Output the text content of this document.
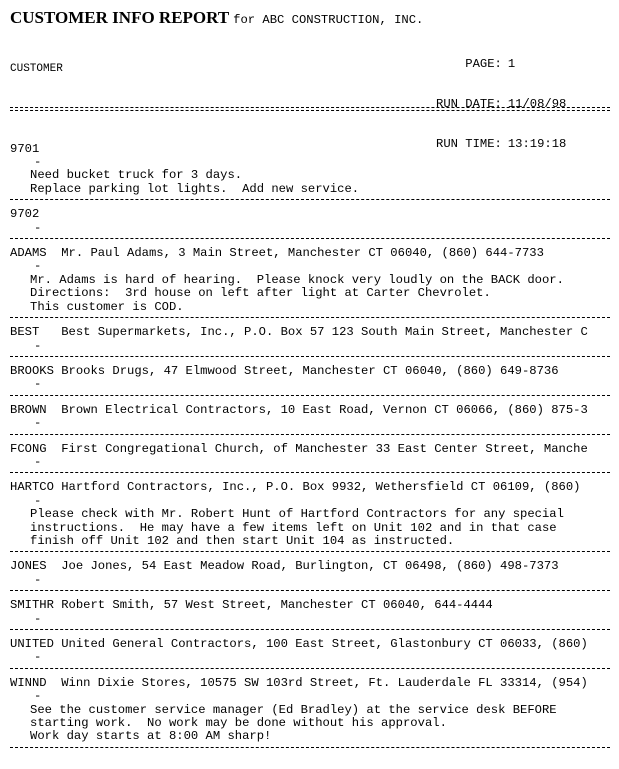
CUSTOMER INFO REPORT for ABC CONSTRUCTION, INC.

PAGE: 1

RUN DATE: 11/08/98

RUN TIME: 13:19:18

CUSTOMER

9701
-
Need bucket truck for 3 days.
Replace parking lot lights.  Add new service.
9702
-
ADAMS  Mr. Paul Adams, 3 Main Street, Manchester CT 06040, (860) 644-7733
-
Mr. Adams is hard of hearing.  Please knock very loudly on the BACK door.
Directions:  3rd house on left after light at Carter Chevrolet.
This customer is COD.
BEST   Best Supermarkets, Inc., P.O. Box 57 123 South Main Street, Manchester C
-
BROOKS Brooks Drugs, 47 Elmwood Street, Manchester CT 06040, (860) 649-8736
-
BROWN  Brown Electrical Contractors, 10 East Road, Vernon CT 06066, (860) 875-3
-
FCONG  First Congregational Church, of Manchester 33 East Center Street, Manche
-
HARTCO Hartford Contractors, Inc., P.O. Box 9932, Wethersfield CT 06109, (860)
-
Please check with Mr. Robert Hunt of Hartford Contractors for any special
instructions.  He may have a few items left on Unit 102 and in that case
finish off Unit 102 and then start Unit 104 as instructed.
JONES  Joe Jones, 54 East Meadow Road, Burlington, CT 06498, (860) 498-7373
-
SMITHR Robert Smith, 57 West Street, Manchester CT 06040, 644-4444
-
UNITED United General Contractors, 100 East Street, Glastonbury CT 06033, (860)
-
WINND  Winn Dixie Stores, 10575 SW 103rd Street, Ft. Lauderdale FL 33314, (954)
-
See the customer service manager (Ed Bradley) at the service desk BEFORE
starting work.  No work may be done without his approval.
Work day starts at 8:00 AM sharp!
